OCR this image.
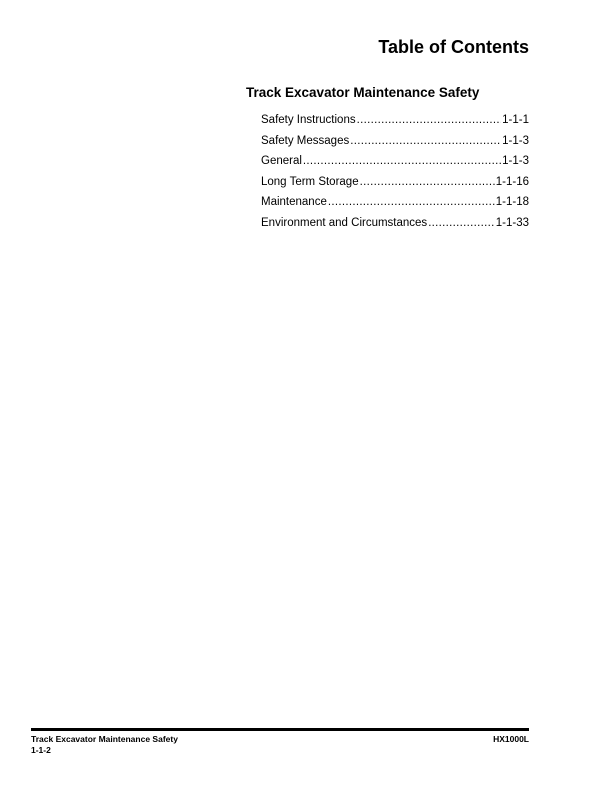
Table of Contents
Track Excavator Maintenance Safety
Safety Instructions .....	1-1-1
Safety Messages .....	1-1-3
General .....	1-1-3
Long Term Storage .....	1-1-16
Maintenance .....	1-1-18
Environment and Circumstances .....	1-1-33
Track Excavator Maintenance Safety
1-1-2
HX1000L
